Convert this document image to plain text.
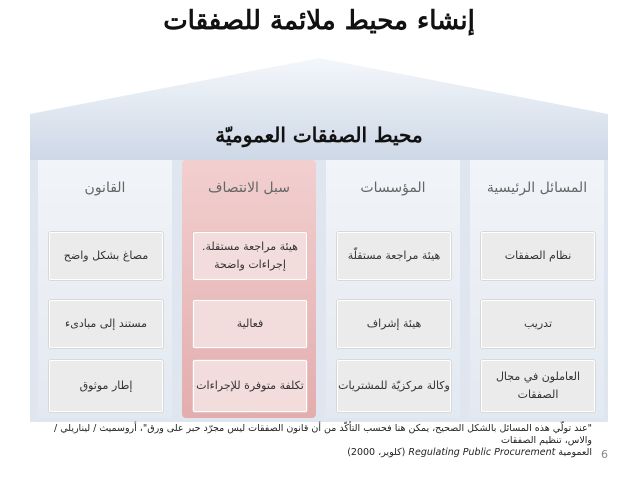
إنشاء محيط ملائمة للصفقات
محيط الصفقات العموميّة
المسائل الرئيسية
المؤسسات
سبل الانتصاف
القانون
نظام الصفقات
تدريب
العاملون في مجال الصفقات
هيئة مراجعة مستقلّة
هيئة إشراف
وكالة مركزيّة للمشتريات
هيئة مراجعة مستقلة. إجراءات واضحة
فعالية
تكلفة متوفرة للإجراءات
مصاغ بشكل واضح
مستند إلى مبادىء
إطار موثوق
"عند تولّي هذه المسائل بالشكل الصحيح، يمكن هنا فحسب التأكّد من أن قانون الصفقات ليس مجرّد حبر على ورق"، أروسميث / ليناريلي / والاس، تنظيم الصفقات
العمومية Regulating Public Procurement (كلوير، 2000)	6
